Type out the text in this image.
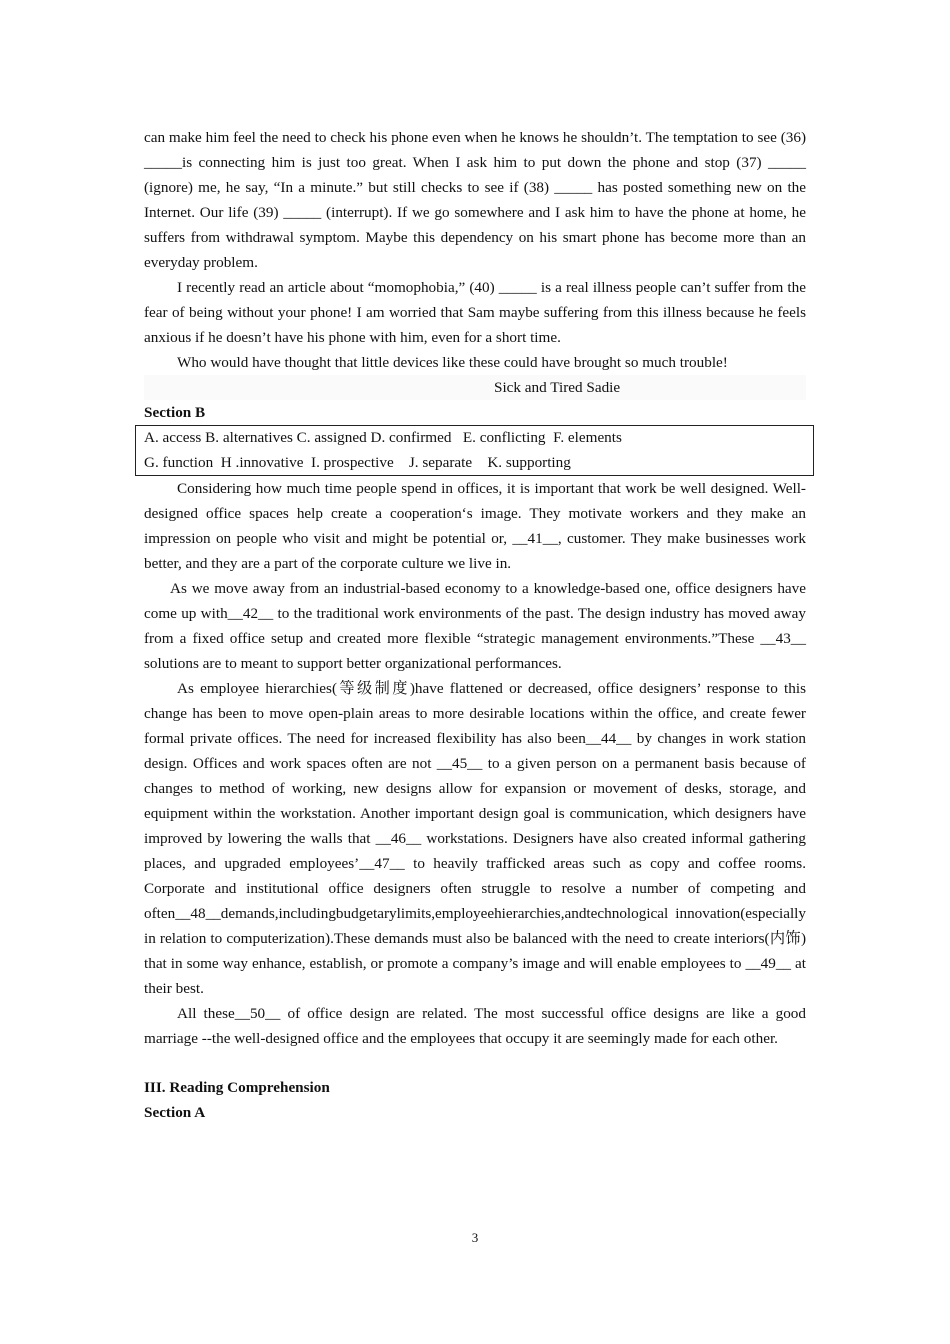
can make him feel the need to check his phone even when he knows he shouldn’t. The temptation to see (36) _____is connecting him is just too great. When I ask him to put down the phone and stop (37) _____ (ignore) me, he say, “In a minute.” but still checks to see if (38) _____ has posted something new on the Internet. Our life (39) _____ (interrupt). If we go somewhere and I ask him to have the phone at home, he suffers from withdrawal symptom. Maybe this dependency on his smart phone has become more than an everyday problem.

I recently read an article about “momophobia,” (40) _____ is a real illness people can’t suffer from the fear of being without your phone! I am worried that Sam maybe suffering from this illness because he feels anxious if he doesn’t have his phone with him, even for a short time.

Who would have thought that little devices like these could have brought so much trouble!

Sick and Tired Sadie

Section B
A. access B. alternatives C. assigned D. confirmed   E. conflicting  F. elements
G. function  H .innovative  I. prospective    J. separate    K. supporting

Considering how much time people spend in offices, it is important that work be well designed. Well-designed office spaces help create a cooperation‘s image. They motivate workers and they make an impression on people who visit and might be potential or, __41__, customer. They make businesses work better, and they are a part of the corporate culture we live in.

As we move away from an industrial-based economy to a knowledge-based one, office designers have come up with__42__ to the traditional work environments of the past. The design industry has moved away from a fixed office setup and created more flexible “strategic management environments.”These __43__ solutions are to meant to support better organizational performances.

As employee hierarchies(等级制度)have flattened or decreased, office designers’ response to this change has been to move open-plain areas to more desirable locations within the office, and create fewer formal private offices. The need for increased flexibility has also been__44__ by changes in work station design. Offices and work spaces often are not __45__ to a given person on a permanent basis because of changes to method of working, new designs allow for expansion or movement of desks, storage, and equipment within the workstation. Another important design goal is communication, which designers have improved by lowering the walls that __46__ workstations. Designers have also created informal gathering places, and upgraded employees’__47__ to heavily trafficked areas such as copy and coffee rooms. Corporate and institutional office designers often struggle to resolve a number of competing and often__48__demands,includingbudgetarylimits,employeehierarchies,andtechnological innovation(especially in relation to computerization).These demands must also be balanced with the need to create interiors(内饰) that in some way enhance, establish, or promote a company’s image and will enable employees to __49__ at their best.

All these__50__ of office design are related. The most successful office designs are like a good marriage --the well-designed office and the employees that occupy it are seemingly made for each other.

III. Reading Comprehension
Section A
3
